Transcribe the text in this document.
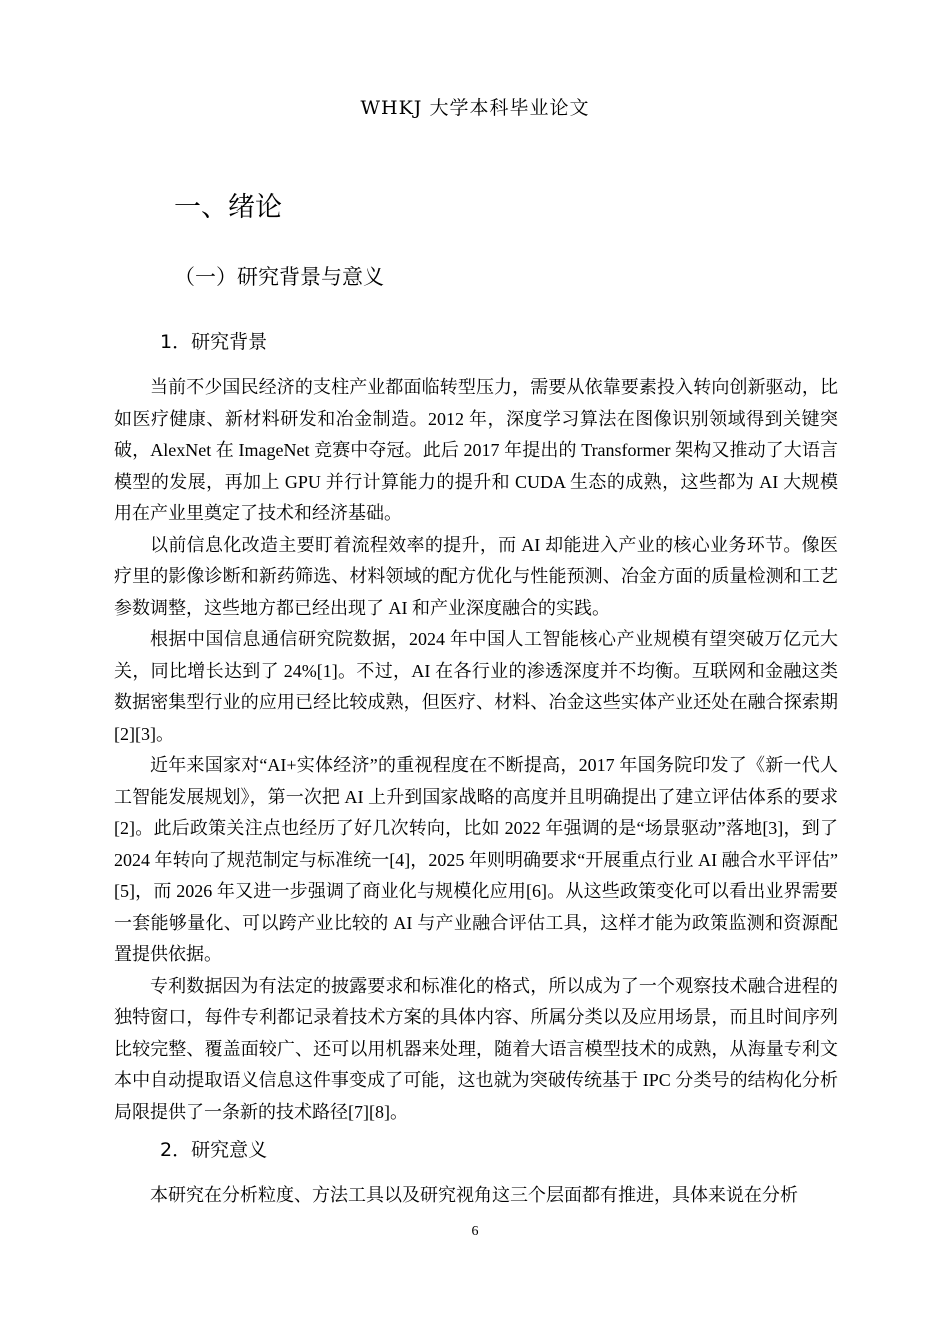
WHKJ 大学本科毕业论文
一、绪论
（一）研究背景与意义
1．研究背景

当前不少国民经济的支柱产业都面临转型压力，需要从依靠要素投入转向创新驱动，比如医疗健康、新材料研发和冶金制造。2012 年，深度学习算法在图像识别领域得到关键突破，AlexNet 在 ImageNet 竞赛中夺冠。此后 2017 年提出的 Transformer 架构又推动了大语言模型的发展，再加上 GPU 并行计算能力的提升和 CUDA 生态的成熟，这些都为 AI 大规模用在产业里奠定了技术和经济基础。

以前信息化改造主要盯着流程效率的提升，而 AI 却能进入产业的核心业务环节。像医疗里的影像诊断和新药筛选、材料领域的配方优化与性能预测、冶金方面的质量检测和工艺参数调整，这些地方都已经出现了 AI 和产业深度融合的实践。

根据中国信息通信研究院数据，2024 年中国人工智能核心产业规模有望突破万亿元大关，同比增长达到了 24%[1]。不过，AI 在各行业的渗透深度并不均衡。互联网和金融这类数据密集型行业的应用已经比较成熟，但医疗、材料、冶金这些实体产业还处在融合探索期[2][3]。

近年来国家对“AI+实体经济”的重视程度在不断提高，2017 年国务院印发了《新一代人工智能发展规划》，第一次把 AI 上升到国家战略的高度并且明确提出了建立评估体系的要求[2]。此后政策关注点也经历了好几次转向，比如 2022 年强调的是“场景驱动”落地[3]，到了 2024 年转向了规范制定与标准统一[4]，2025 年则明确要求“开展重点行业 AI 融合水平评估” [5]，而 2026 年又进一步强调了商业化与规模化应用[6]。从这些政策变化可以看出业界需要一套能够量化、可以跨产业比较的 AI 与产业融合评估工具，这样才能为政策监测和资源配置提供依据。

专利数据因为有法定的披露要求和标准化的格式，所以成为了一个观察技术融合进程的独特窗口，每件专利都记录着技术方案的具体内容、所属分类以及应用场景，而且时间序列比较完整、覆盖面较广、还可以用机器来处理，随着大语言模型技术的成熟，从海量专利文本中自动提取语义信息这件事变成了可能，这也就为突破传统基于 IPC 分类号的结构化分析局限提供了一条新的技术路径[7][8]。

2．研究意义

本研究在分析粒度、方法工具以及研究视角这三个层面都有推进，具体来说在分析

6
